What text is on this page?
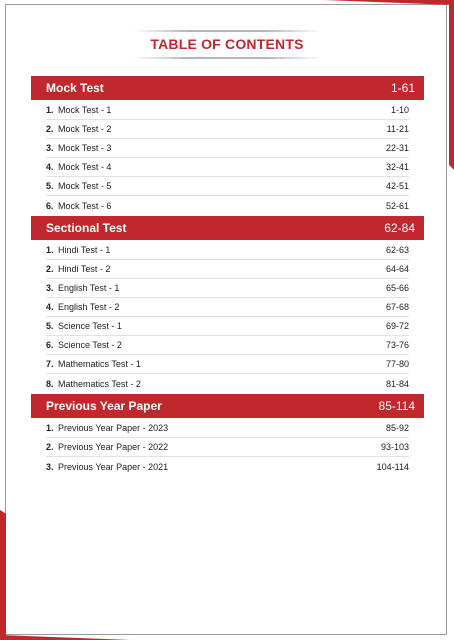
TABLE OF CONTENTS
Mock Test	1-61
1. Mock Test - 1	1-10
2. Mock Test - 2	11-21
3. Mock Test - 3	22-31
4. Mock Test - 4	32-41
5. Mock Test - 5	42-51
6. Mock Test - 6	52-61
Sectional Test	62-84
1. Hindi Test - 1	62-63
2. Hindi Test - 2	64-64
3. English Test - 1	65-66
4. English Test - 2	67-68
5. Science Test - 1	69-72
6. Science Test - 2	73-76
7. Mathematics Test - 1	77-80
8. Mathematics Test - 2	81-84
Previous Year Paper	85-114
1. Previous Year Paper - 2023	85-92
2. Previous Year Paper - 2022	93-103
3. Previous Year Paper - 2021	104-114
